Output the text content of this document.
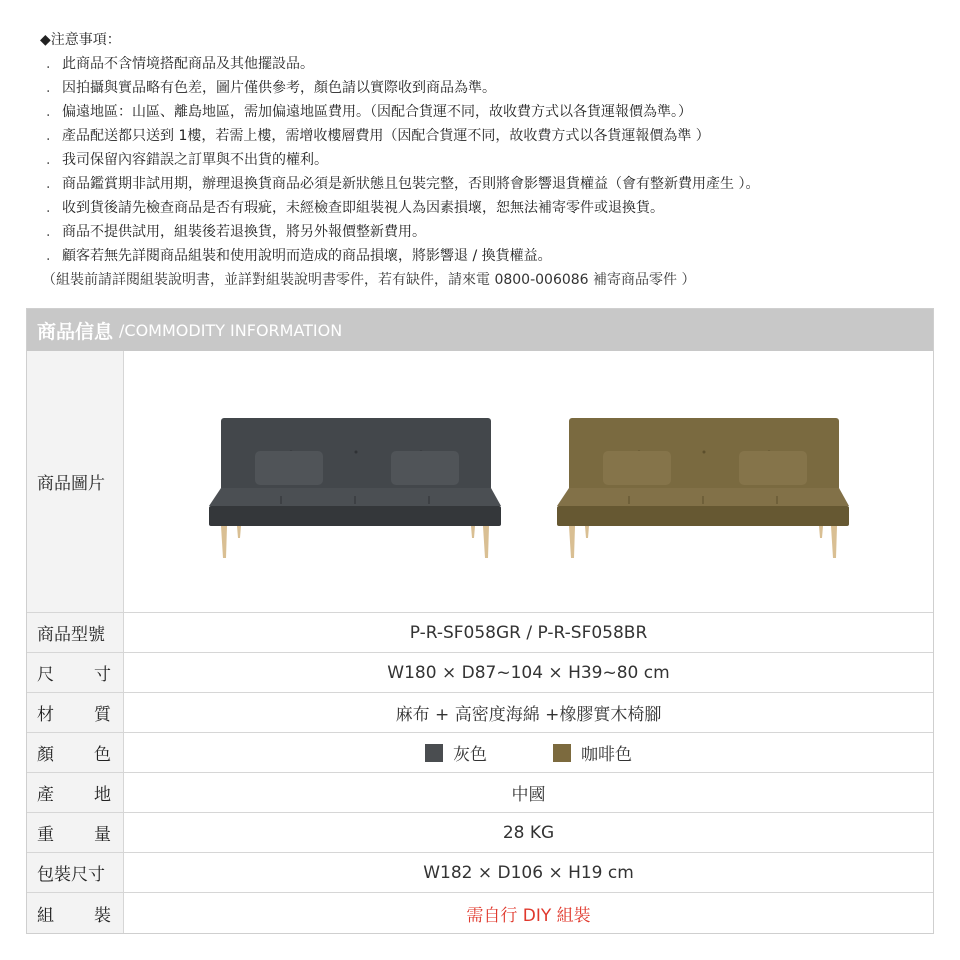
◆注意事項：
. 此商品不含情境搭配商品及其他擺設品。
. 因拍攝與實品略有色差，圖片僅供參考，顏色請以實際收到商品為準。
. 偏遠地區：山區、離島地區，需加偏遠地區費用。（因配合貨運不同，故收費方式以各貨運報價為準。）
. 產品配送都只送到 1樓，若需上樓，需增收樓層費用（因配合貨運不同，故收費方式以各貨運報價為準 ）
. 我司保留內容錯誤之訂單與不出貨的權利。
. 商品鑑賞期非試用期，辦理退換貨商品必須是新狀態且包裝完整，否則將會影響退貨權益（會有整新費用產生 ）。
. 收到貨後請先檢查商品是否有瑕疵，未經檢查即組裝視人為因素損壞，恕無法補寄零件或退換貨。
. 商品不提供試用，組裝後若退換貨，將另外報價整新費用。
. 顧客若無先詳閱商品組裝和使用說明而造成的商品損壞，將影響退 / 換貨權益。
（組裝前請詳閱組裝說明書，並詳對組裝說明書零件，若有缺件，請來電 0800-006086 補寄商品零件 ）
商品信息 /COMMODITY INFORMATION
商品圖片
商品型號	P-R-SF058GR / P-R-SF058BR
尺 寸	W180 × D87~104 × H39~80 cm
材 質	麻布 + 高密度海綿 +橡膠實木椅腳
顏 色	灰色	咖啡色
產 地	中國
重 量	28 KG
包裝尺寸	W182 × D106 × H19 cm
組 裝	需自行 DIY 組裝
